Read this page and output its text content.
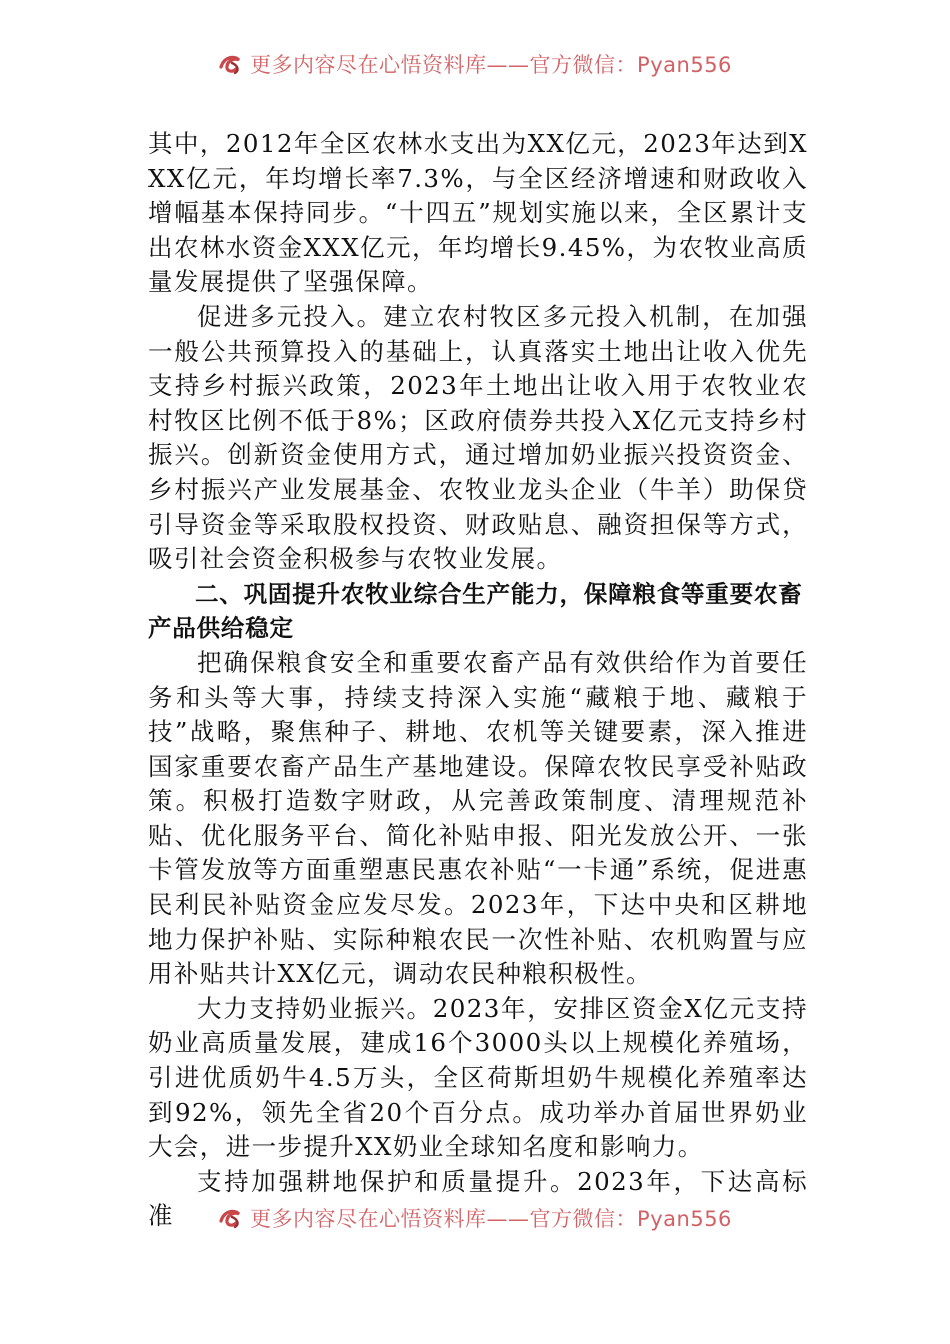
更多内容尽在心悟资料库——官方微信：Pyan556

其中，2012年全区农林水支出为XX亿元，2023年达到XXX亿元，年均增长率7.3%，与全区经济增速和财政收入增幅基本保持同步。“十四五”规划实施以来，全区累计支出农林水资金XXX亿元，年均增长9.45%，为农牧业高质量发展提供了坚强保障。

促进多元投入。建立农村牧区多元投入机制，在加强一般公共预算投入的基础上，认真落实土地出让收入优先支持乡村振兴政策，2023年土地出让收入用于农牧业农村牧区比例不低于8%；区政府债券共投入X亿元支持乡村振兴。创新资金使用方式，通过增加奶业振兴投资资金、乡村振兴产业发展基金、农牧业龙头企业（牛羊）助保贷引导资金等采取股权投资、财政贴息、融资担保等方式，吸引社会资金积极参与农牧业发展。

二、巩固提升农牧业综合生产能力，保障粮食等重要农畜产品供给稳定

把确保粮食安全和重要农畜产品有效供给作为首要任务和头等大事，持续支持深入实施“藏粮于地、藏粮于技”战略，聚焦种子、耕地、农机等关键要素，深入推进国家重要农畜产品生产基地建设。保障农牧民享受补贴政策。积极打造数字财政，从完善政策制度、清理规范补贴、优化服务平台、简化补贴申报、阳光发放公开、一张卡管发放等方面重塑惠民惠农补贴“一卡通”系统，促进惠民利民补贴资金应发尽发。2023年，下达中央和区耕地地力保护补贴、实际种粮农民一次性补贴、农机购置与应用补贴共计XX亿元，调动农民种粮积极性。

大力支持奶业振兴。2023年，安排区资金X亿元支持奶业高质量发展，建成16个3000头以上规模化养殖场，引进优质奶牛4.5万头，全区荷斯坦奶牛规模化养殖率达到92%，领先全省20个百分点。成功举办首届世界奶业大会，进一步提升XX奶业全球知名度和影响力。

支持加强耕地保护和质量提升。2023年，下达高标准	更多内容尽在心悟资料库——官方微信：Pyan556
